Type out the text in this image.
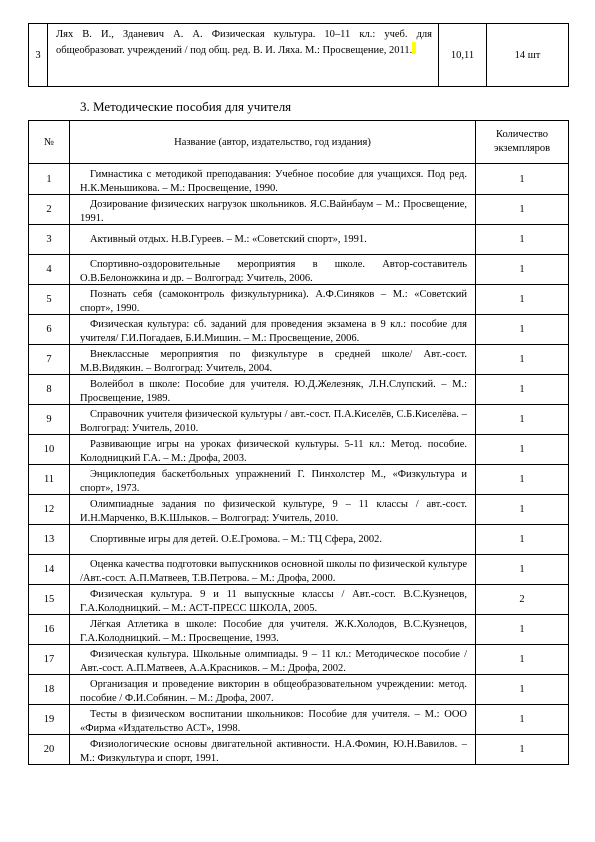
3	Лях В. И., Зданевич А. А. Физическая культура. 10–11 кл.: учеб. для общеобразоват. учреждений / под общ. ред. В. И. Ляха. М.: Просвещение, 2011.	10,11	14 шт
3. Методические пособия для учителя
№	Название (автор, издательство, год издания)	Количество экземпляров
1	Гимнастика с методикой преподавания: Учебное пособие для учащихся. Под ред. Н.К.Меньшикова. – М.: Просвещение, 1990.	1
2	Дозирование физических нагрузок школьников. Я.С.Вайнбаум – М.: Просвещение, 1991.	1
3	Активный отдых. Н.В.Гуреев. – М.: «Советский спорт», 1991.	1
4	Спортивно-оздоровительные мероприятия в школе. Автор-составитель О.В.Белоножкина и др. – Волгоград: Учитель, 2006.	1
5	Познать себя (самоконтроль физкультурника). А.Ф.Синяков – М.: «Советский спорт», 1990.	1
6	Физическая культура: сб. заданий для проведения экзамена в 9 кл.: пособие для учителя/ Г.И.Погадаев, Б.И.Мишин. – М.: Просвещение, 2006.	1
7	Внеклассные мероприятия по физкультуре в средней школе/ Авт.-сост. М.В.Видякин. – Волгоград: Учитель, 2004.	1
8	Волейбол в школе: Пособие для учителя. Ю.Д.Железняк, Л.Н.Слупский. – М.: Просвещение, 1989.	1
9	Справочник учителя физической культуры / авт.-сост. П.А.Киселёв, С.Б.Киселёва. – Волгоград: Учитель, 2010.	1
10	Развивающие игры на уроках физической культуры. 5-11 кл.: Метод. пособие. Колодницкий Г.А. – М.: Дрофа, 2003.	1
11	Энциклопедия баскетбольных упражнений Г. Пинхолстер М., «Физкультура и спорт», 1973.	1
12	Олимпиадные задания по физической культуре, 9 – 11 классы / авт.-сост. И.Н.Марченко, В.К.Шлыков. – Волгоград: Учитель, 2010.	1
13	Спортивные игры для детей. О.Е.Громова. – М.: ТЦ Сфера, 2002.	1
14	Оценка качества подготовки выпускников основной школы по физической культуре /Авт.-сост. А.П.Матвеев, Т.В.Петрова. – М.: Дрофа, 2000.	1
15	Физическая культура. 9 и 11 выпускные классы / Авт.-сост. В.С.Кузнецов, Г.А.Колодницкий. – М.: АСТ-ПРЕСС ШКОЛА, 2005.	2
16	Лёгкая Атлетика в школе: Пособие для учителя. Ж.К.Холодов, В.С.Кузнецов, Г.А.Колодницкий. – М.: Просвещение, 1993.	1
17	Физическая культура. Школьные олимпиады. 9 – 11 кл.: Методическое пособие / Авт.-сост. А.П.Матвеев, А.А.Красников. – М.: Дрофа, 2002.	1
18	Организация и проведение викторин в общеобразовательном учреждении: метод. пособие / Ф.И.Собянин. – М.: Дрофа, 2007.	1
19	Тесты в физическом воспитании школьников: Пособие для учителя. – М.: ООО «Фирма «Издательство АСТ», 1998.	1
20	Физиологические основы двигательной активности. Н.А.Фомин, Ю.Н.Вавилов. – М.: Физкультура и спорт, 1991.	1
